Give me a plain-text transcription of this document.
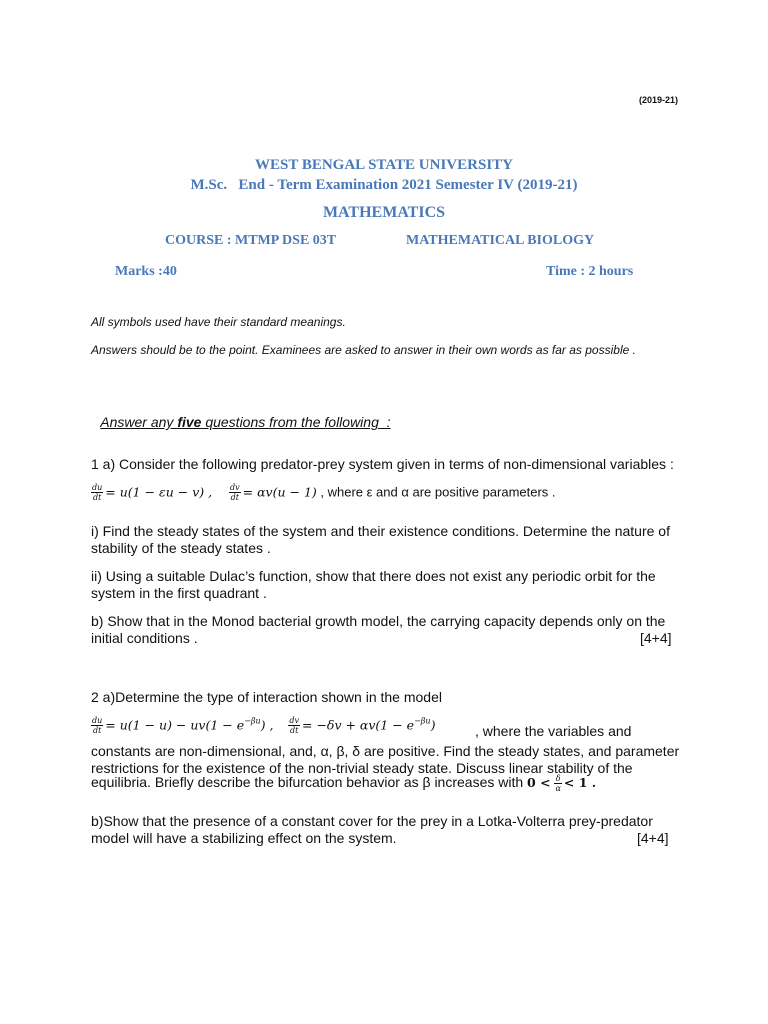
(2019-21)
WEST BENGAL STATE UNIVERSITY
M.Sc.   End - Term Examination 2021 Semester IV (2019-21)
MATHEMATICS
COURSE : MTMP DSE 03T	MATHEMATICAL BIOLOGY
Marks :40	Time : 2 hours
All symbols used have their standard meanings.
Answers should be to the point. Examinees are asked to answer in their own words as far as possible .

Answer any five questions from the following  :

1 a) Consider the following predator-prey system given in terms of non-dimensional variables :
$\frac{du}{dt} = u(1 - \varepsilon u - v)$ , $\frac{dv}{dt} = \alpha v(u - 1)$ , where ε and α are positive parameters .
i) Find the steady states of the system and their existence conditions. Determine the nature of stability of the steady states .
ii) Using a suitable Dulac’s function, show that there does not exist any periodic orbit for the system in the first quadrant .
b) Show that in the Monod bacterial growth model, the carrying capacity depends only on the initial conditions .	[4+4]
2 a)Determine the type of interaction shown in the model
$\frac{du}{dt} = u(1 - u) - uv(1 - e^{-\beta u})$ , $\frac{dv}{dt} = -\delta v + \alpha v(1 - e^{-\beta u})$	, where the variables and
constants are non-dimensional, and, α, β, δ are positive. Find the steady states, and parameter restrictions for the existence of the non-trivial steady state. Discuss linear stability of the
equilibria. Briefly describe the bifurcation behavior as β increases with $0 < \frac{\delta}{\alpha} < 1$ .
b)Show that the presence of a constant cover for the prey in a Lotka-Volterra prey-predator model will have a stabilizing effect on the system.	[4+4]
